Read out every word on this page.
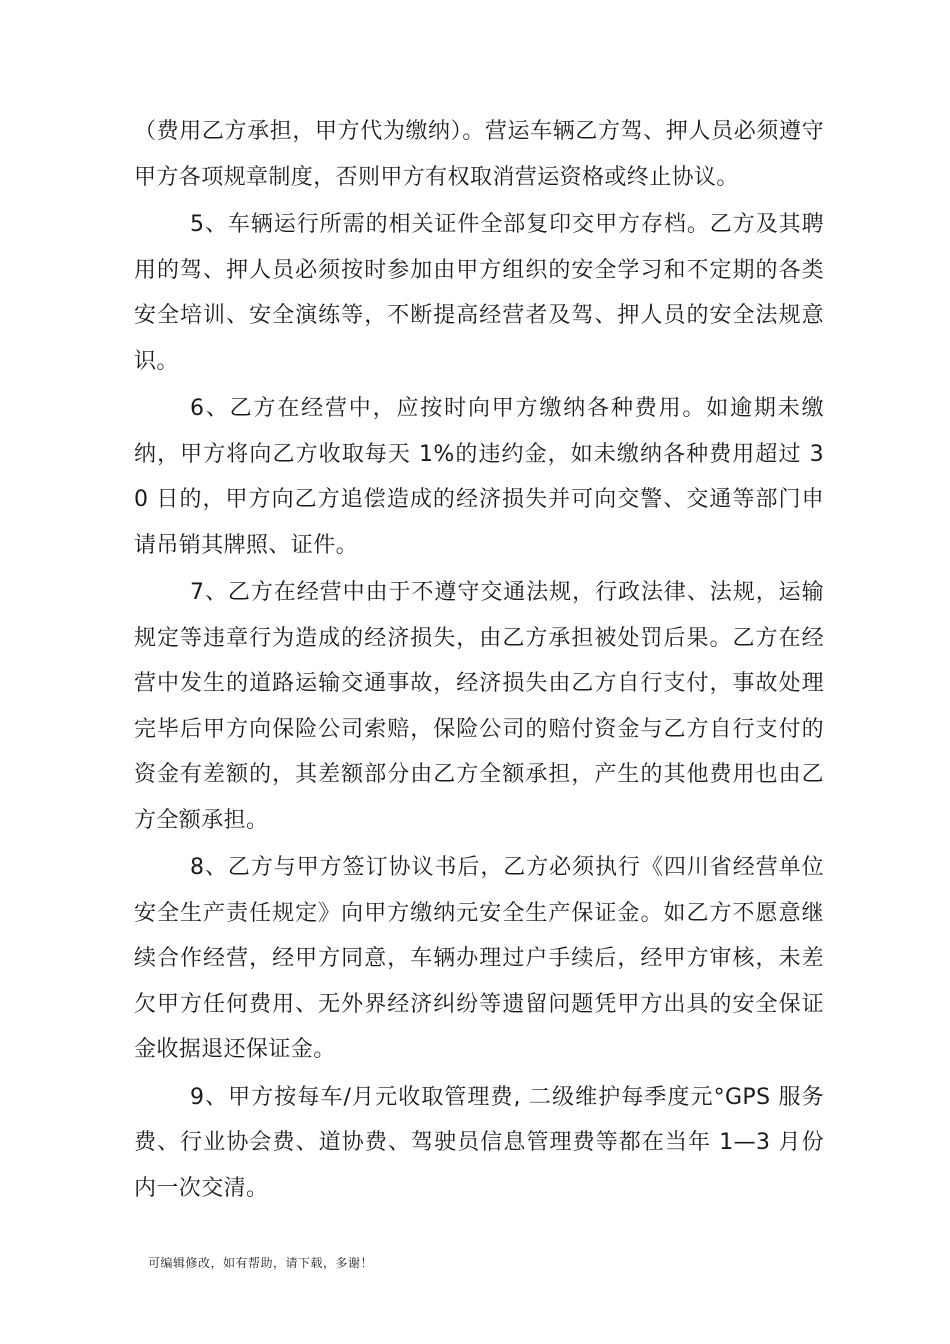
（费用乙方承担，甲方代为缴纳）。营运车辆乙方驾、押人员必须遵守甲方各项规章制度，否则甲方有权取消营运资格或终止协议。

5、车辆运行所需的相关证件全部复印交甲方存档。乙方及其聘用的驾、押人员必须按时参加由甲方组织的安全学习和不定期的各类安全培训、安全演练等，不断提高经营者及驾、押人员的安全法规意识。

6、乙方在经营中，应按时向甲方缴纳各种费用。如逾期未缴纳，甲方将向乙方收取每天 1%的违约金，如未缴纳各种费用超过 3 0 日的，甲方向乙方追偿造成的经济损失并可向交警、交通等部门申请吊销其牌照、证件。

7、乙方在经营中由于不遵守交通法规，行政法律、法规，运输规定等违章行为造成的经济损失，由乙方承担被处罚后果。乙方在经营中发生的道路运输交通事故，经济损失由乙方自行支付，事故处理完毕后甲方向保险公司索赔，保险公司的赔付资金与乙方自行支付的资金有差额的，其差额部分由乙方全额承担，产生的其他费用也由乙方全额承担。

8、乙方与甲方签订协议书后，乙方必须执行《四川省经营单位安全生产责任规定》向甲方缴纳元安全生产保证金。如乙方不愿意继续合作经营，经甲方同意，车辆办理过户手续后，经甲方审核，未差欠甲方任何费用、无外界经济纠纷等遗留问题凭甲方出具的安全保证金收据退还保证金。

9、甲方按每车/月元收取管理费, 二级维护每季度元°GPS 服务费、行业协会费、道协费、驾驶员信息管理费等都在当年 1—3 月份内一次交清。

可编辑修改，如有帮助，请下载，多谢！
